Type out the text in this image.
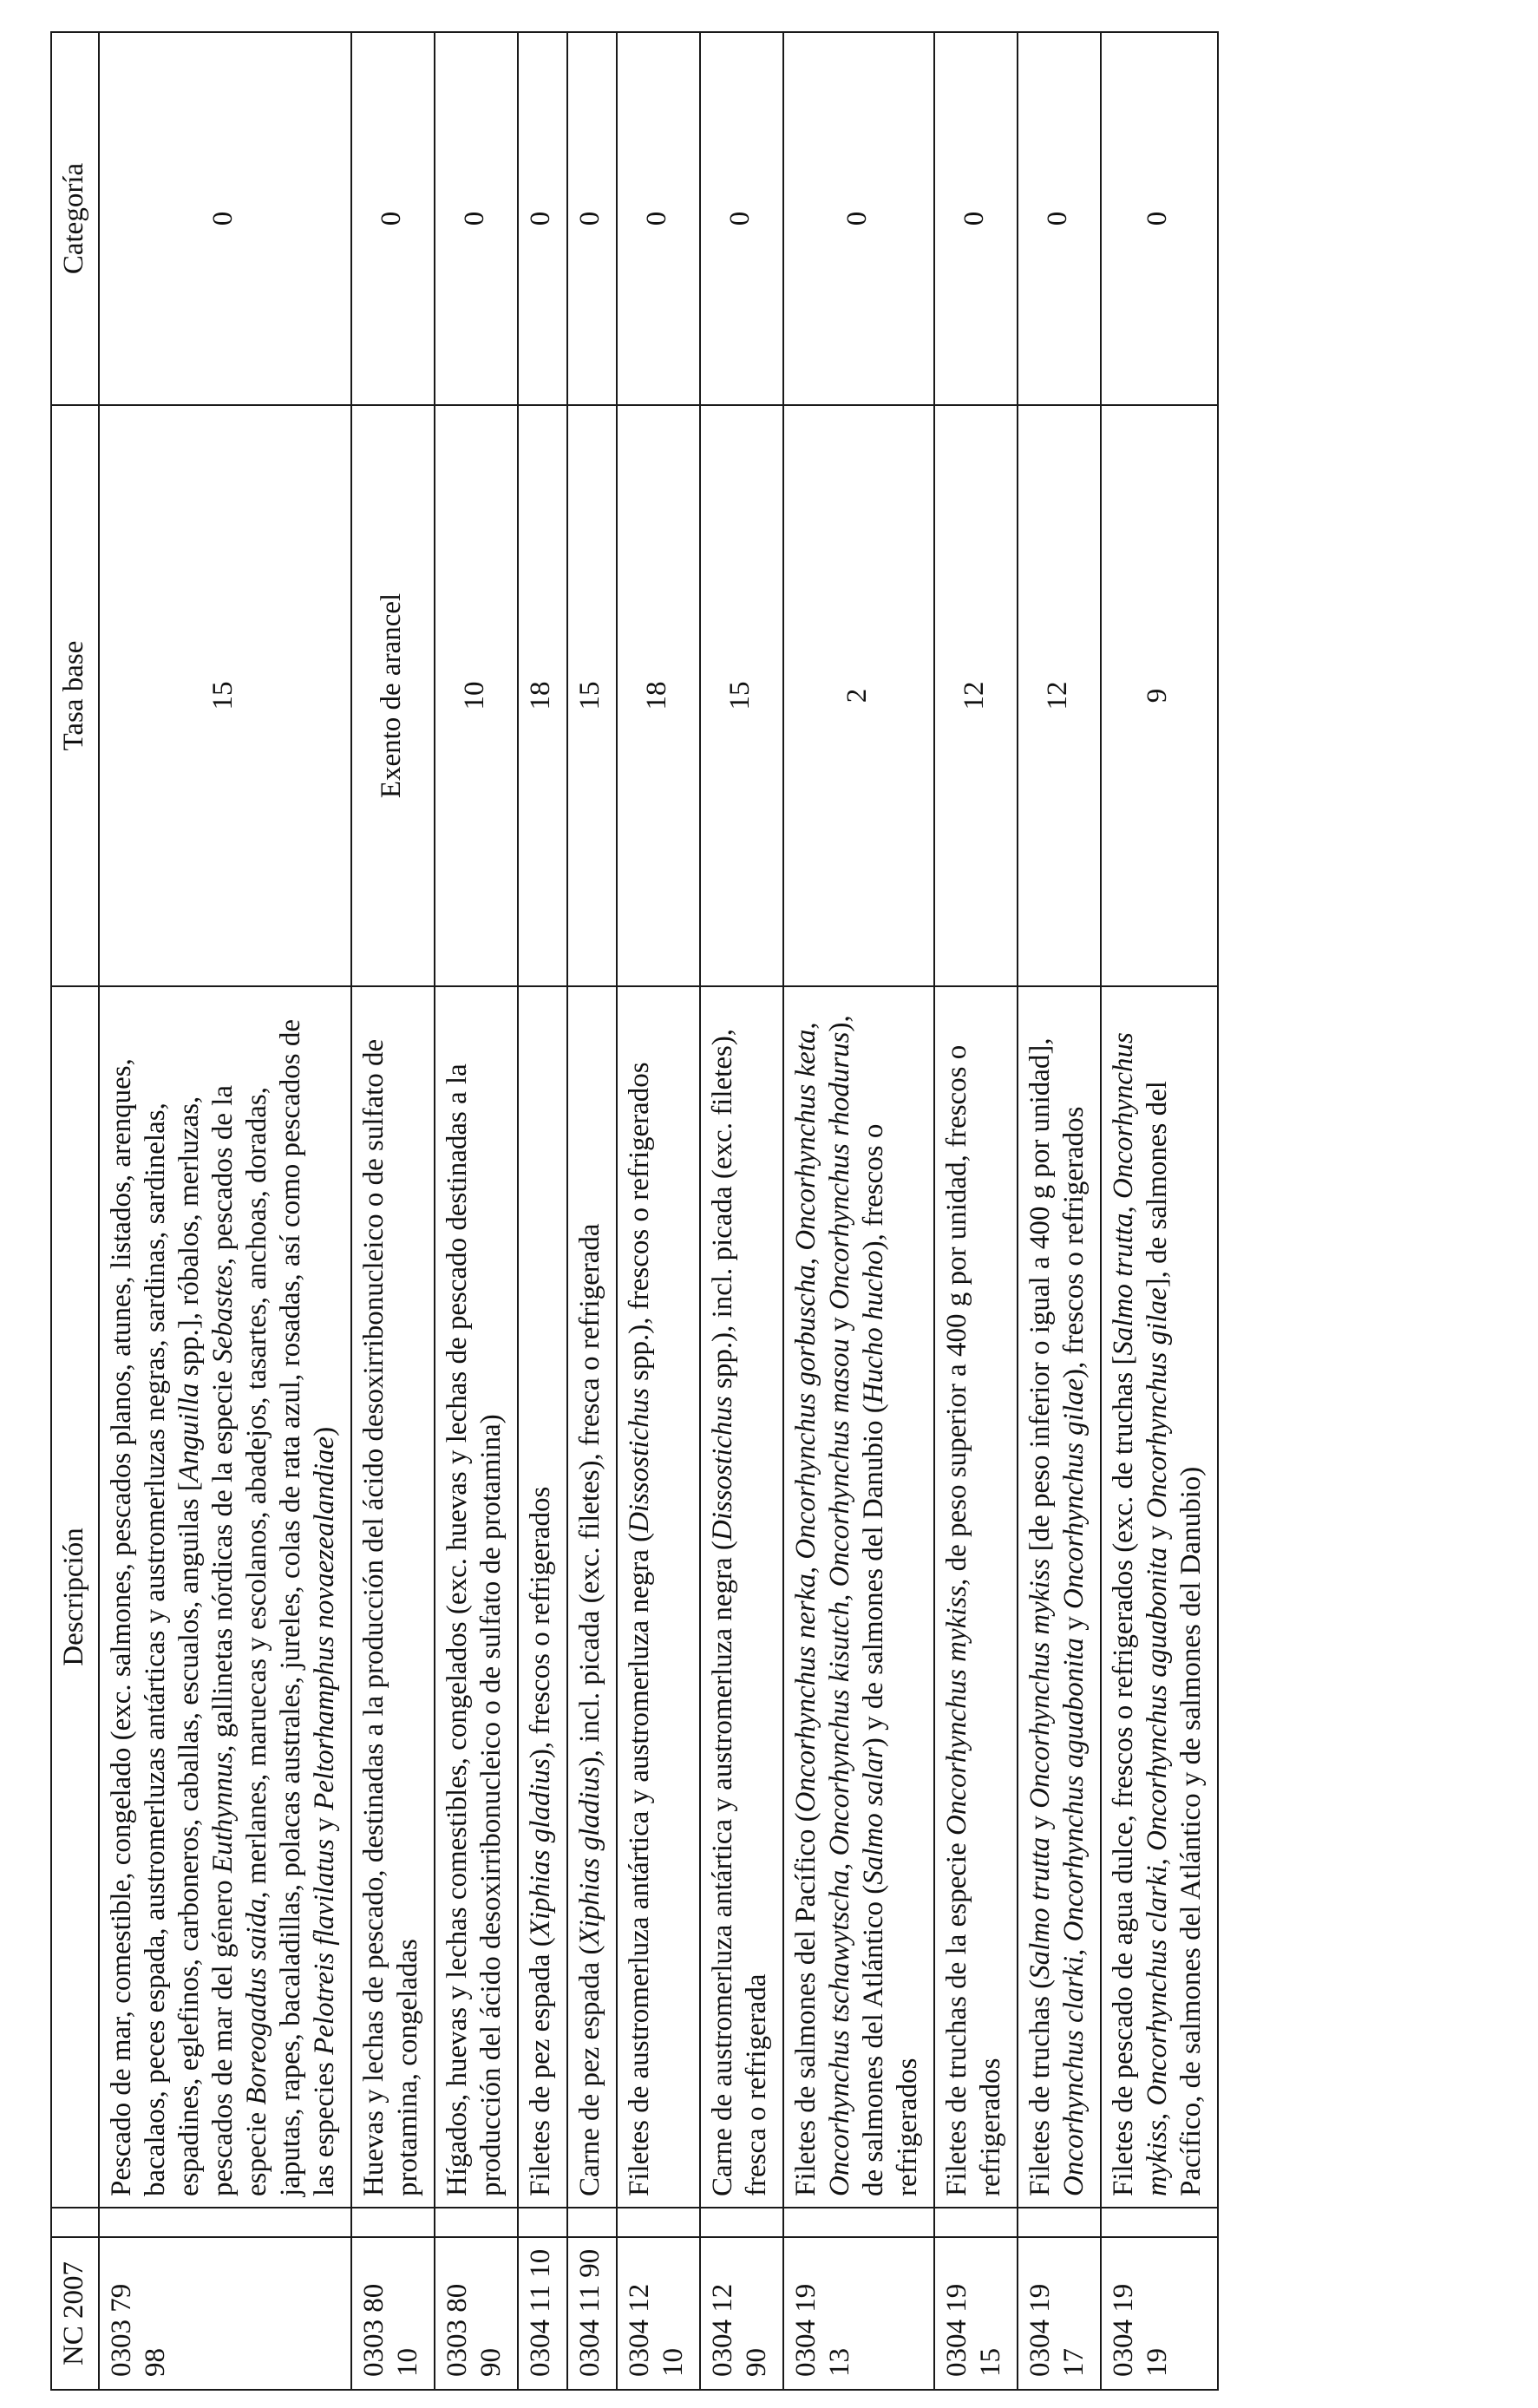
NC 2007		Descripción	Tasa base	Categoría
0303 79 98		Pescado de mar, comestible, congelado (exc. salmones, pescados planos, atunes, listados, arenques, bacalaos, peces espada, austromerluzas antárticas y austromerluzas negras, sardinas, sardinelas, espadines, eglefinos, carboneros, caballas, escualos, anguilas [Anguilla spp.], róbalos, merluzas, pescados de mar del género Euthynnus, gallinetas nórdicas de la especie Sebastes, pescados de la especie Boreogadus saida, merlanes, maruecas y escolanos, abadejos, tasartes, anchoas, doradas, japutas, rapes, bacaladillas, polacas australes, jureles, colas de rata azul, rosadas, así como pescados de las especies Pelotreis flavilatus y Peltorhamphus novaezealandiae)	15	0
0303 80 10		Huevas y lechas de pescado, destinadas a la producción del ácido desoxirribonucleico o de sulfato de protamina, congeladas	Exento de arancel	0
0303 80 90		Hígados, huevas y lechas comestibles, congelados (exc. huevas y lechas de pescado destinadas a la producción del ácido desoxirribonucleico o de sulfato de protamina)	10	0
0304 11 10		Filetes de pez espada (Xiphias gladius), frescos o refrigerados	18	0
0304 11 90		Carne de pez espada (Xiphias gladius), incl. picada (exc. filetes), fresca o refrigerada	15	0
0304 12 10		Filetes de austromerluza antártica y austromerluza negra (Dissostichus spp.), frescos o refrigerados	18	0
0304 12 90		Carne de austromerluza antártica y austromerluza negra (Dissostichus spp.), incl. picada (exc. filetes), fresca o refrigerada	15	0
0304 19 13		Filetes de salmones del Pacífico (Oncorhynchus nerka, Oncorhynchus gorbuscha, Oncorhynchus keta, Oncorhynchus tschawytscha, Oncorhynchus kisutch, Oncorhynchus masou y Oncorhynchus rhodurus), de salmones del Atlántico (Salmo salar) y de salmones del Danubio (Hucho hucho), frescos o refrigerados	2	0
0304 19 15		Filetes de truchas de la especie Oncorhynchus mykiss, de peso superior a 400 g por unidad, frescos o refrigerados	12	0
0304 19 17		Filetes de truchas (Salmo trutta y Oncorhynchus mykiss [de peso inferior o igual a 400 g por unidad], Oncorhynchus clarki, Oncorhynchus aguabonita y Oncorhynchus gilae), frescos o refrigerados	12	0
0304 19 19		Filetes de pescado de agua dulce, frescos o refrigerados (exc. de truchas [Salmo trutta, Oncorhynchus mykiss, Oncorhynchus clarki, Oncorhynchus aguabonita y Oncorhynchus gilae], de salmones del Pacífico, de salmones del Atlántico y de salmones del Danubio)	9	0
